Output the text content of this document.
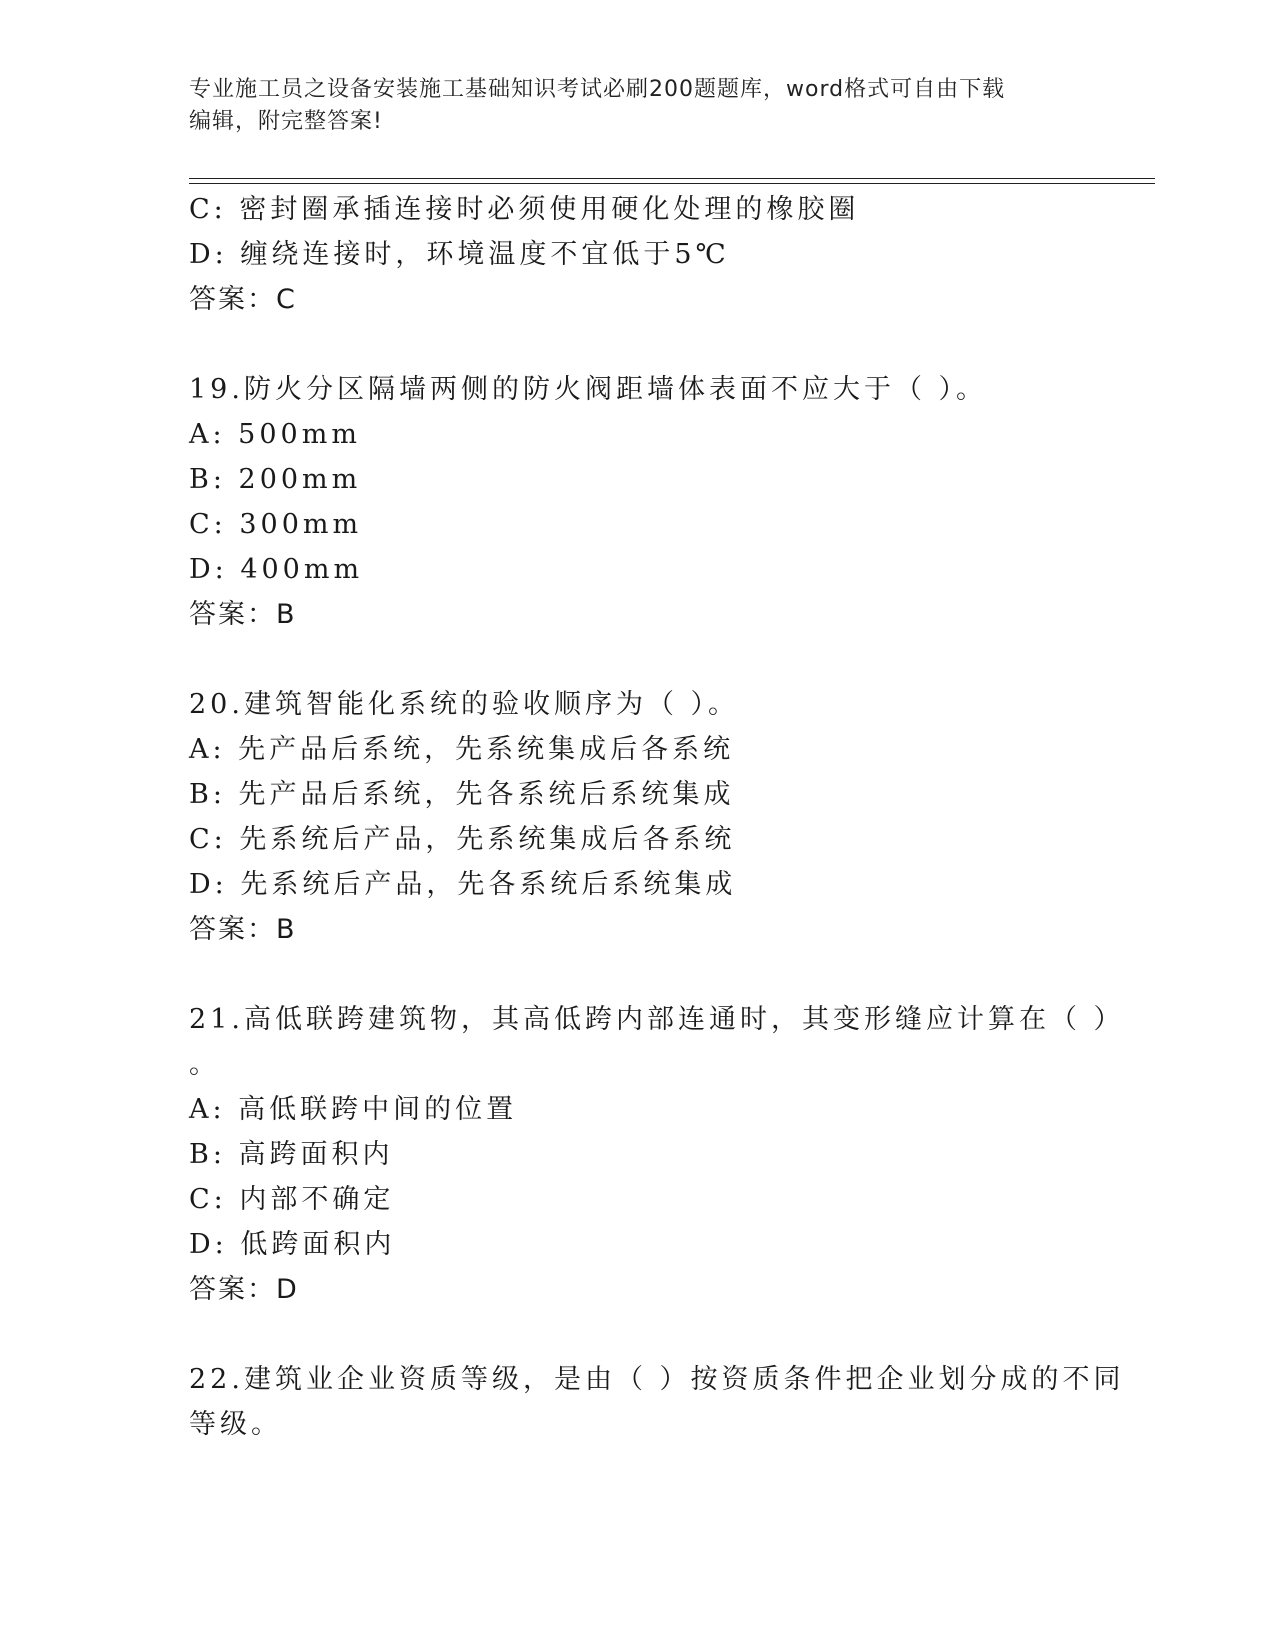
专业施工员之设备安装施工基础知识考试必刷200题题库，word格式可自由下载
编辑，附完整答案!
C: 密封圈承插连接时必须使用硬化处理的橡胶圈
D: 缠绕连接时，环境温度不宜低于5℃
答案：C
19.防火分区隔墙两侧的防火阀距墙体表面不应大于（ ）。
A: 500mm
B: 200mm
C: 300mm
D: 400mm
答案：B
20.建筑智能化系统的验收顺序为（ ）。
A: 先产品后系统，先系统集成后各系统
B: 先产品后系统，先各系统后系统集成
C: 先系统后产品，先系统集成后各系统
D: 先系统后产品，先各系统后系统集成
答案：B
21.高低联跨建筑物，其高低跨内部连通时，其变形缝应计算在（ ）
。
A: 高低联跨中间的位置
B: 高跨面积内
C: 内部不确定
D: 低跨面积内
答案：D
22.建筑业企业资质等级，是由（ ）按资质条件把企业划分成的不同
等级。
